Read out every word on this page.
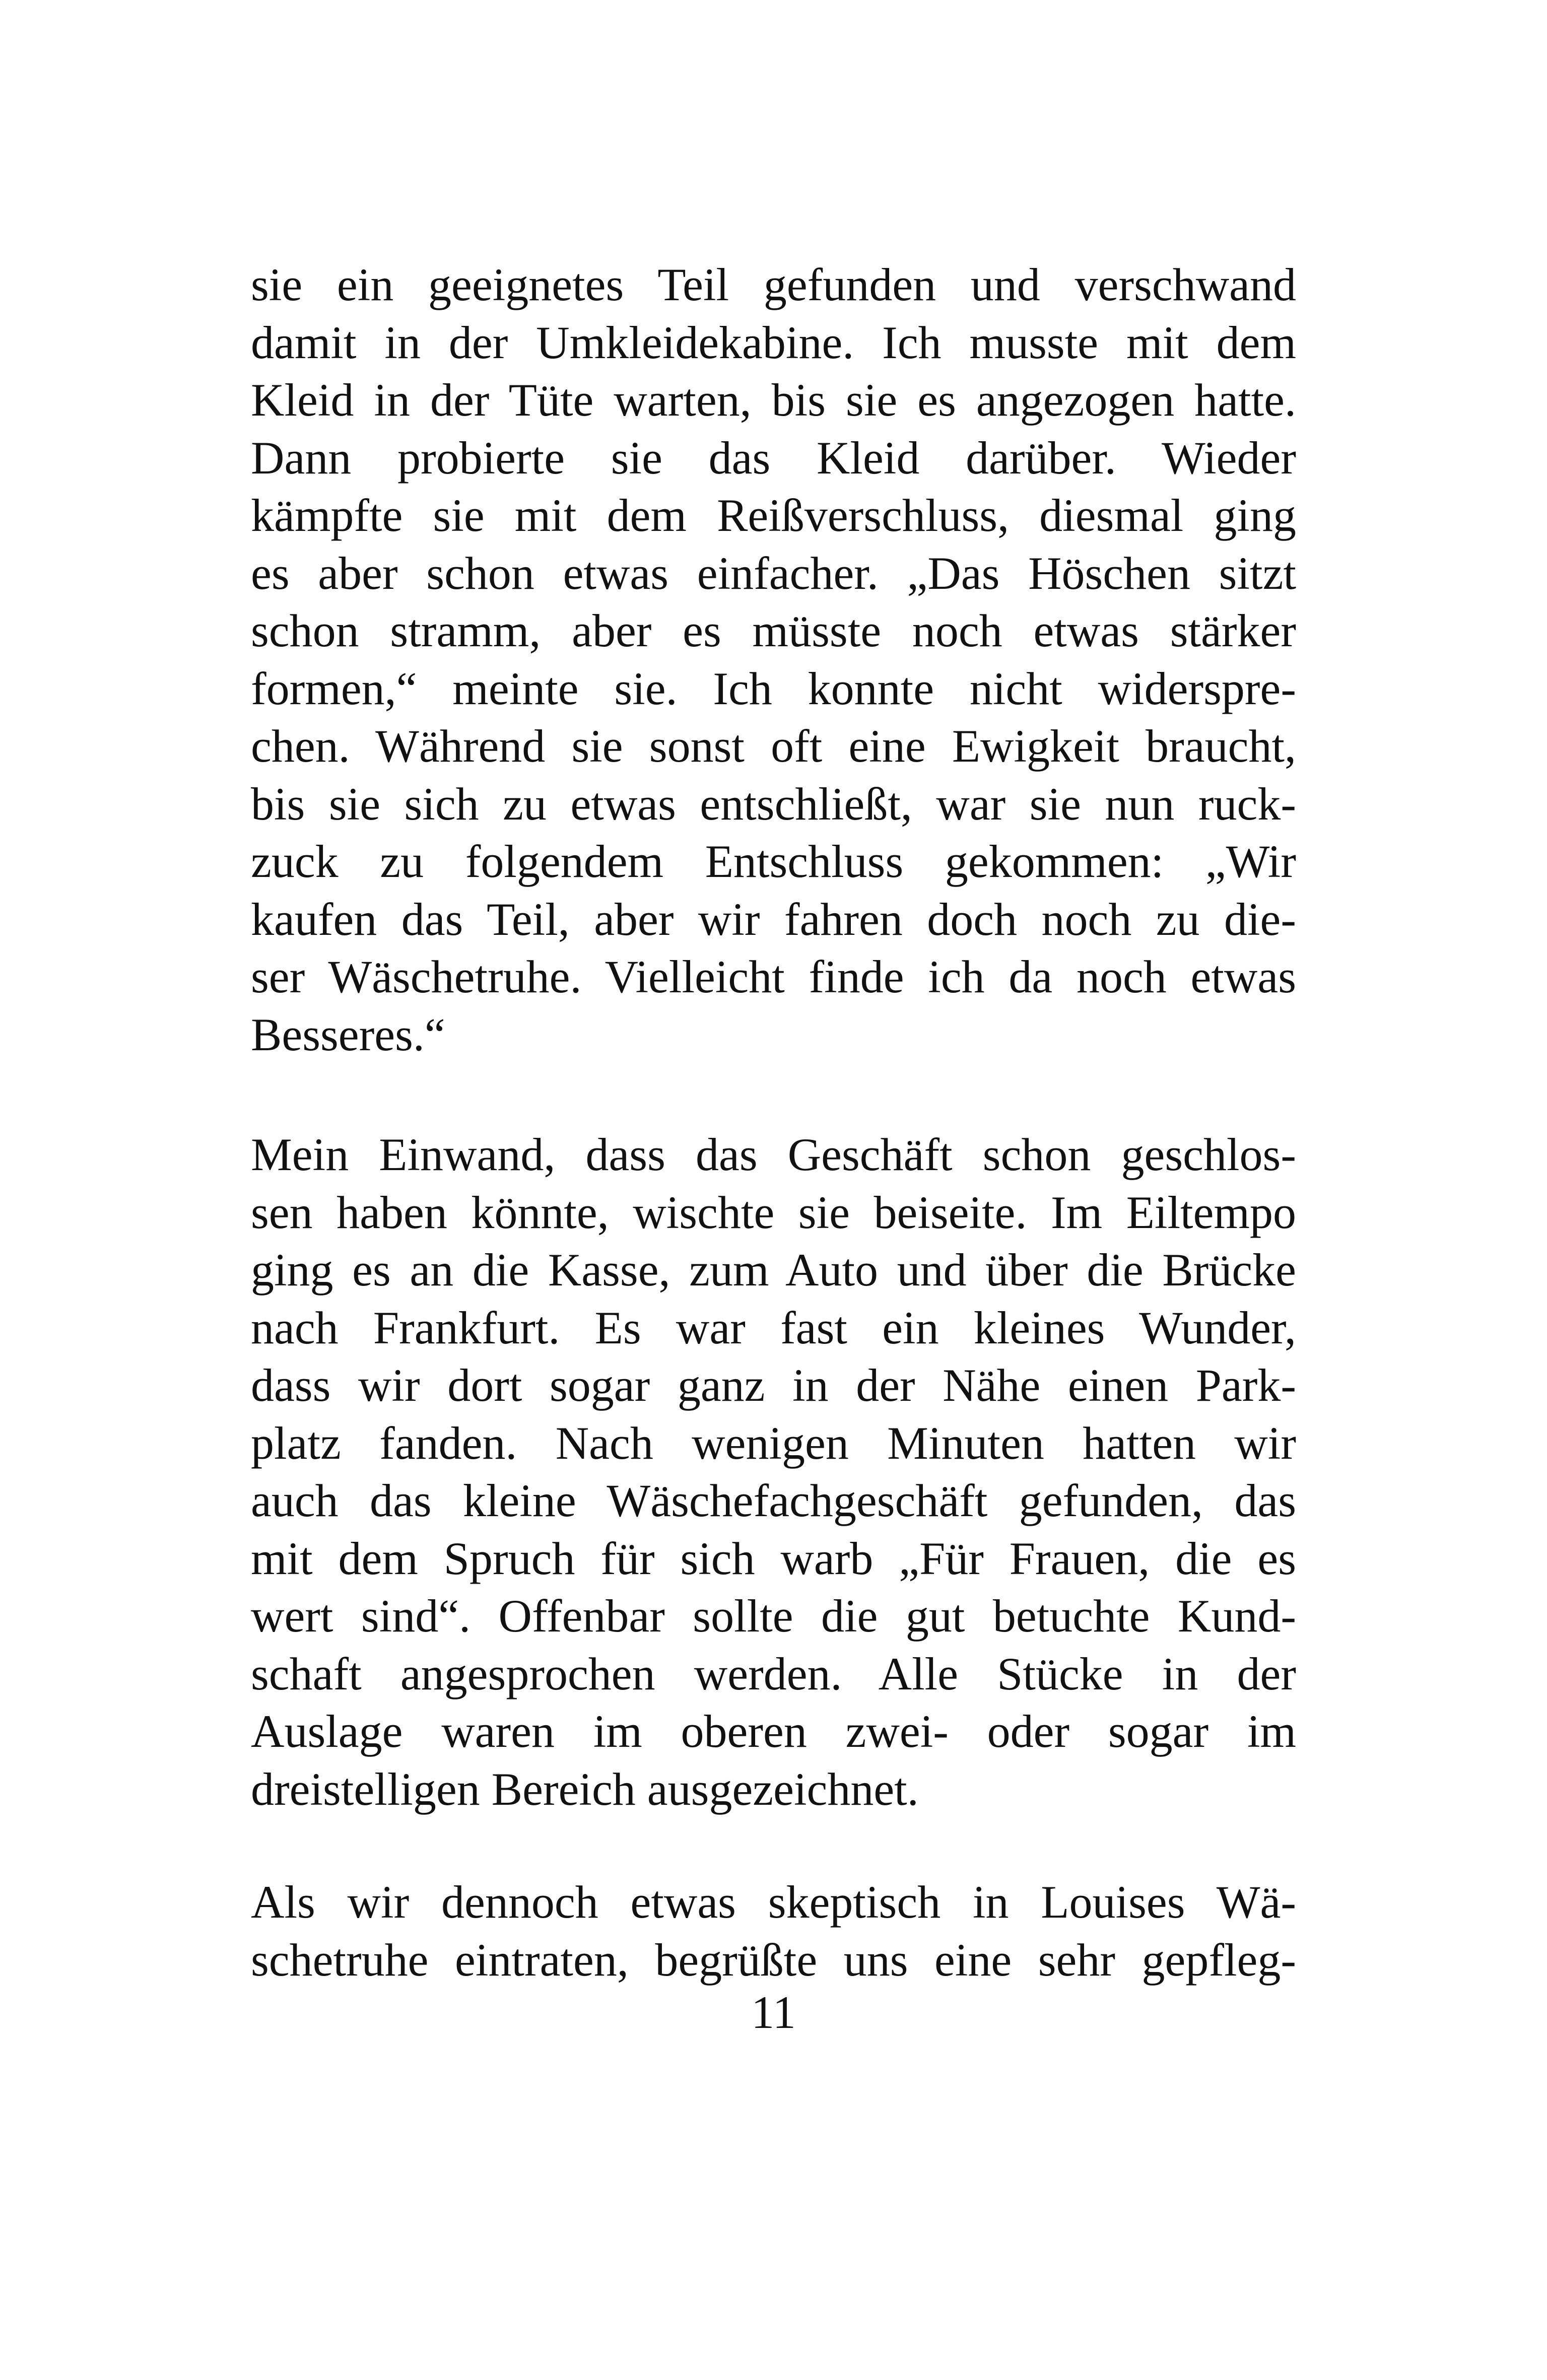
sie ein geeignetes Teil gefunden und verschwand
damit in der Umkleidekabine. Ich musste mit dem
Kleid in der Tüte warten, bis sie es angezogen hatte.
Dann probierte sie das Kleid darüber. Wieder
kämpfte sie mit dem Reißverschluss, diesmal ging
es aber schon etwas einfacher. „Das Höschen sitzt
schon stramm, aber es müsste noch etwas stärker
formen,“ meinte sie. Ich konnte nicht widerspre-
chen. Während sie sonst oft eine Ewigkeit braucht,
bis sie sich zu etwas entschließt, war sie nun ruck-
zuck zu folgendem Entschluss gekommen: „Wir
kaufen das Teil, aber wir fahren doch noch zu die-
ser Wäschetruhe. Vielleicht finde ich da noch etwas
Besseres.“
Mein Einwand, dass das Geschäft schon geschlos-
sen haben könnte, wischte sie beiseite. Im Eiltempo
ging es an die Kasse, zum Auto und über die Brücke
nach Frankfurt. Es war fast ein kleines Wunder,
dass wir dort sogar ganz in der Nähe einen Park-
platz fanden. Nach wenigen Minuten hatten wir
auch das kleine Wäschefachgeschäft gefunden, das
mit dem Spruch für sich warb „Für Frauen, die es
wert sind“. Offenbar sollte die gut betuchte Kund-
schaft angesprochen werden. Alle Stücke in der
Auslage waren im oberen zwei- oder sogar im
dreistelligen Bereich ausgezeichnet.
Als wir dennoch etwas skeptisch in Louises Wä-
schetruhe eintraten, begrüßte uns eine sehr gepfleg-
11
